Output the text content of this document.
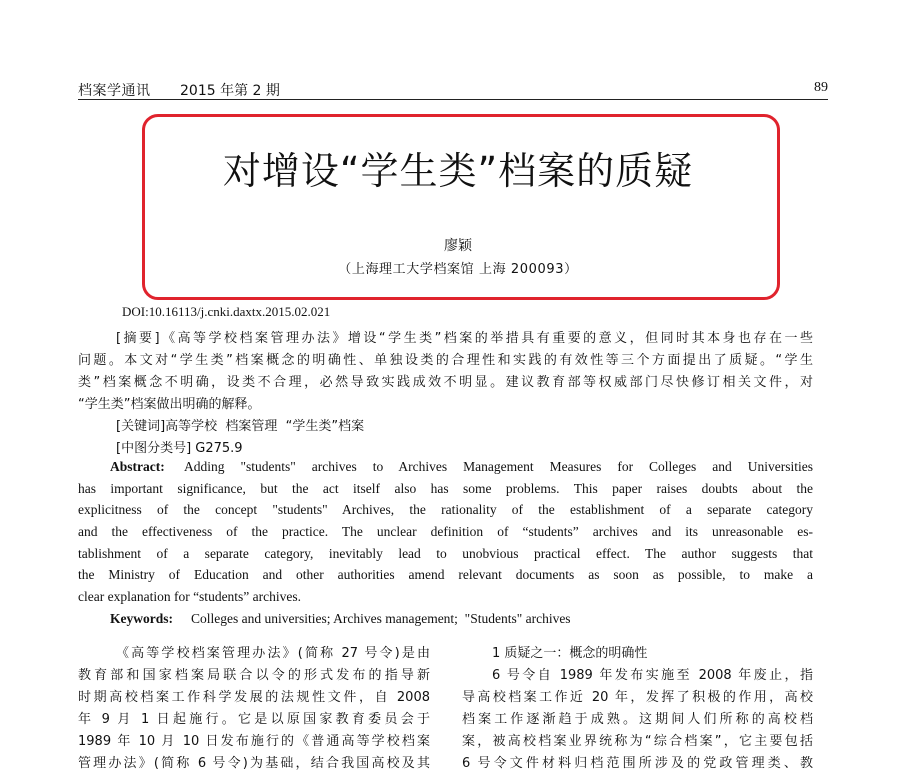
档案学通讯 2015 年第 2 期	89
对增设“学生类”档案的质疑
廖颖
（上海理工大学档案馆 上海 200093）
DOI:10.16113/j.cnki.daxtx.2015.02.021
[摘要]《高等学校档案管理办法》增设“学生类”档案的举措具有重要的意义，但同时其本身也存在一些
问题。本文对“学生类”档案概念的明确性、单独设类的合理性和实践的有效性等三个方面提出了质疑。“学生
类”档案概念不明确，设类不合理，必然导致实践成效不明显。建议教育部等权威部门尽快修订相关文件，对
“学生类”档案做出明确的解释。
[关键词]高等学校  档案管理  “学生类”档案
[中图分类号] G275.9
Abstract: Adding "students" archives to Archives Management Measures for Colleges and Universities
has important significance, but the act itself also has some problems. This paper raises doubts about the
explicitness of the concept "students" Archives, the rationality of the establishment of a separate category
and the effectiveness of the practice. The unclear definition of “students” archives and its unreasonable es-
tablishment of a separate category, inevitably lead to unobvious practical effect. The author suggests that
the Ministry of Education and other authorities amend relevant documents as soon as possible, to make a
clear explanation for “students” archives.
Keywords: Colleges and universities; Archives management;  "Students" archives
《高等学校档案管理办法》(简称 27 号令)是由
教育部和国家档案局联合以令的形式发布的指导新
时期高校档案工作科学发展的法规性文件，自 2008
年 9 月 1 日起施行。它是以原国家教育委员会于
1989 年 10 月 10 日发布施行的《普通高等学校档案
管理办法》(简称 6 号令)为基础，结合我国高校及其
1 质疑之一：概念的明确性
6 号令自 1989 年发布实施至 2008 年废止，指
导高校档案工作近 20 年，发挥了积极的作用，高校
档案工作逐渐趋于成熟。这期间人们所称的高校档
案，被高校档案业界统称为“综合档案”，它主要包括
6 号令文件材料归档范围所涉及的党政管理类、教
